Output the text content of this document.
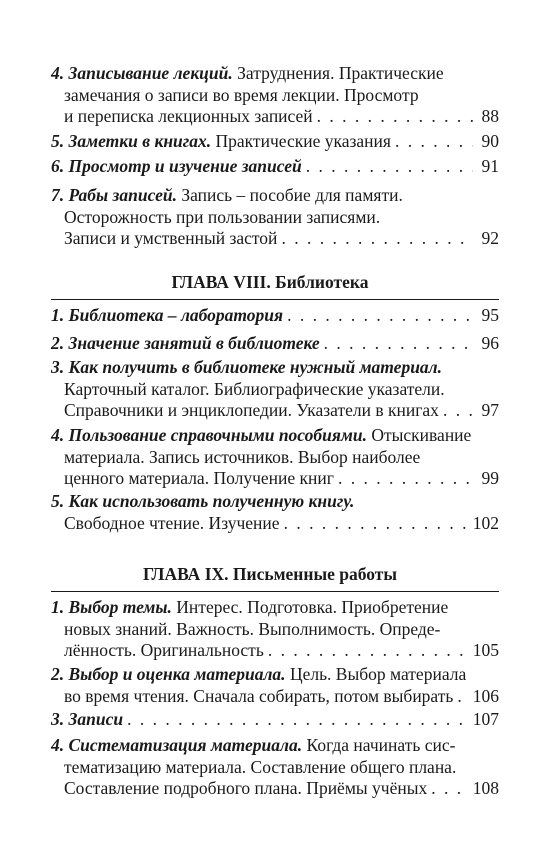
4. Записывание лекций.
Затруднения. Практические
замечания о записи во время лекции. Просмотр
и переписка лекционных записей . . .	88
5. Заметки в книгах.
Практические указания . . .	90
6. Просмотр и изучение записей . . .	91
7. Рабы записей.
Запись – пособие для памяти.
Осторожность при пользовании записями.
Записи и умственный застой . . .	92
ГЛАВА VIII. Библиотека
1. Библиотека – лаборатория . . .	95
2. Значение занятий в библиотеке . . .	96
3. Как получить в библиотеке нужный материал.
Карточный каталог. Библиографические указатели.
Справочники и энциклопедии. Указатели в книгах . . . 97
4. Пользование справочными пособиями.
Отыскивание
материала. Запись источников. Выбор наиболее
ценного материала. Получение книг . . .	99
5. Как использовать полученную книгу.
Свободное чтение. Изучение . . .	102
ГЛАВА IX. Письменные работы
1. Выбор темы.
Интерес. Подготовка. Приобретение
новых знаний. Важность. Выполнимость. Опреде-
лённость. Оригинальность . . .	105
2. Выбор и оценка материала.
Цель. Выбор материала
во время чтения. Сначала собирать, потом выбирать . . . 106
3. Записи . . .	107
4. Систематизация материала.
Когда начинать сис-
тематизацию материала. Составление общего плана.
Составление подробного плана. Приёмы учёных . . .	108
